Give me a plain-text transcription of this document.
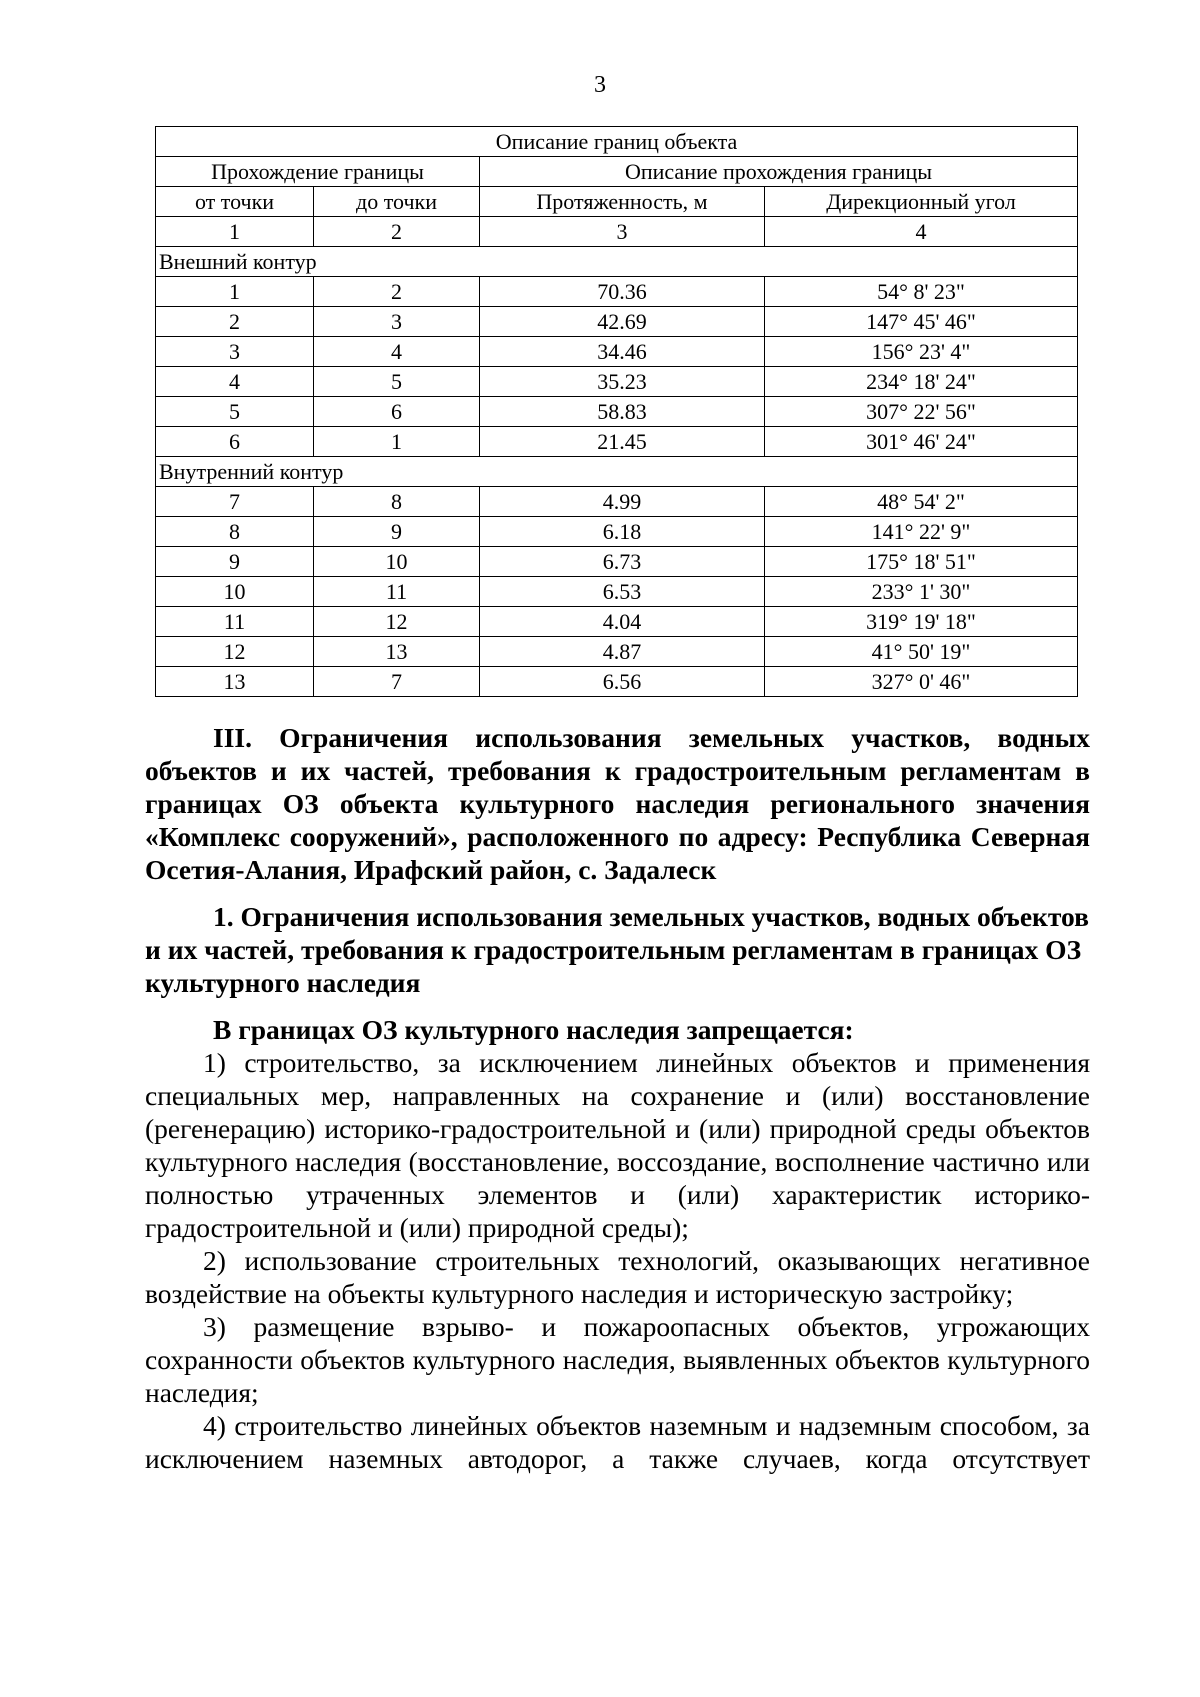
3
Описание границ объекта			
Прохождение границы		Описание прохождения границы	
от точки	до точки	Протяженность, м	Дирекционный угол
1	2	3	4
Внешний контур			
1	2	70.36	54° 8' 23"
2	3	42.69	147° 45' 46"
3	4	34.46	156° 23' 4"
4	5	35.23	234° 18' 24"
5	6	58.83	307° 22' 56"
6	1	21.45	301° 46' 24"
Внутренний контур			
7	8	4.99	48° 54' 2"
8	9	6.18	141° 22' 9"
9	10	6.73	175° 18' 51"
10	11	6.53	233° 1' 30"
11	12	4.04	319° 19' 18"
12	13	4.87	41° 50' 19"
13	7	6.56	327° 0' 46"
III. Ограничения использования земельных участков, водных объектов и их частей, требования к градостроительным регламентам в границах ОЗ объекта культурного наследия регионального значения «Комплекс сооружений», расположенного по адресу: Республика Северная Осетия-Алания, Ирафский район, с. Задалеск
1. Ограничения использования земельных участков, водных объектов и их частей, требования к градостроительным регламентам в границах ОЗ культурного наследия
В границах ОЗ культурного наследия запрещается:
1) строительство, за исключением линейных объектов и применения специальных мер, направленных на сохранение и (или) восстановление (регенерацию) историко-градостроительной и (или) природной среды объектов культурного наследия (восстановление, воссоздание, восполнение частично или полностью утраченных элементов и (или) характеристик историко-градостроительной и (или) природной среды);
2) использование строительных технологий, оказывающих негативное воздействие на объекты культурного наследия и историческую застройку;
3) размещение взрыво- и пожароопасных объектов, угрожающих сохранности объектов культурного наследия, выявленных объектов культурного наследия;
4) строительство линейных объектов наземным и надземным способом, за исключением наземных автодорог, а также случаев, когда отсутствует
